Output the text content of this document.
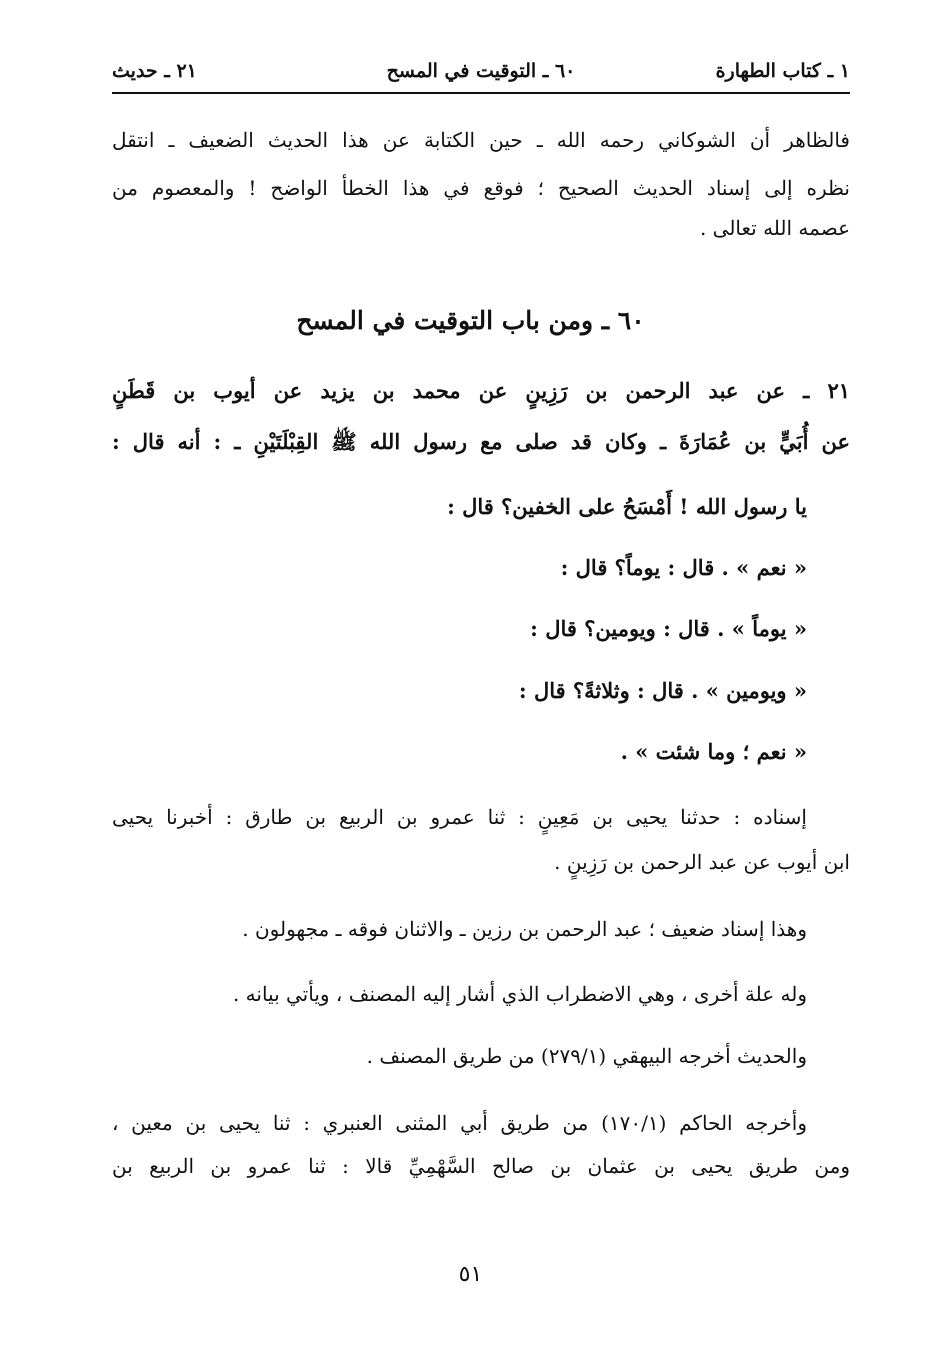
١ ـ كتاب الطهارة
٦٠ ـ التوقيت في المسح
٢١ ـ حديث
فالظاهر أن الشوكاني رحمه الله ـ حين الكتابة عن هذا الحديث الضعيف ـ انتقل
نظره إلى إسناد الحديث الصحيح ؛ فوقع في هذا الخطأ الواضح ! والمعصوم من
عصمه الله تعالى .
٦٠ ـ ومن باب التوقيت في المسح
٢١ ـ عن عبد الرحمن بن رَزِينٍ عن محمد بن يزيد عن أيوب بن قَطَنٍ
عن أُبَيٍّ بن عُمَارَةَ ـ وكان قد صلى مع رسول الله ﷺ القِبْلَتَيْنِ ـ : أنه قال :
يا رسول الله ! أَمْسَحُ على الخفين؟ قال :
« نعم » . قال : يوماً؟ قال :
« يوماً » . قال : ويومين؟ قال :
« ويومين » . قال : وثلاثةً؟ قال :
« نعم ؛ وما شئت » .
إسناده : حدثنا يحيى بن مَعِينٍ : ثنا عمرو بن الربيع بن طارق : أخبرنا يحيى
ابن أيوب عن عبد الرحمن بن رَزِينٍ .
وهذا إسناد ضعيف ؛ عبد الرحمن بن رزين ـ والاثنان فوقه ـ مجهولون .
وله علة أخرى ، وهي الاضطراب الذي أشار إليه المصنف ، ويأتي بيانه .
والحديث أخرجه البيهقي (٢٧٩/١) من طريق المصنف .
وأخرجه الحاكم (١٧٠/١) من طريق أبي المثنى العنبري : ثنا يحيى بن معين ،
ومن طريق يحيى بن عثمان بن صالح السَّهْمِيِّ قالا : ثنا عمرو بن الربيع بن
٥١
